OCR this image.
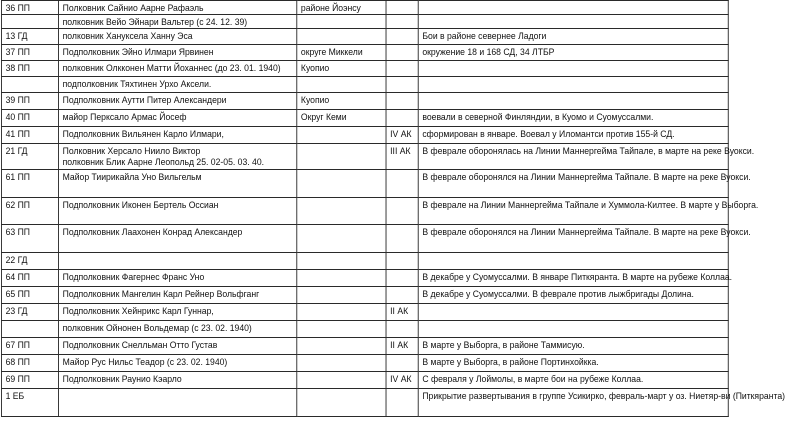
36 ПП	Полковник Сайнио Аарне Рафаэль	районе Йоэнсу		
	полковник Вейо Эйнари Вальтер (с 24. 12. 39)			
13 ГД	полковник Ханукселa Ханну Эса			Бои в районе севернее Ладоги
37 ПП	Подполковник Эйно Илмари Ярвинен	округе Миккели		окружение 18 и 168 СД, 34 ЛТБР
38 ПП	полковник Олкконен Матти Йоханнес (до 23. 01. 1940)	Куопио		
	подполковник Тяхтинен Урхо Аксели.			
39 ПП	Подполковник Аутти Питер Александери	Куопио		
40 ПП	майор Перксало Армас Йосеф	Округ Кеми		воевали в северной Финляндии, в Куомо и Суомуссалми.
41 ПП	Подполковник Вильянен Карло Илмари,		IV АК	сформирован в январе. Воевал у Иломантси против 155-й СД.
21 ГД	Полковник Херсало Ниило Виктор
полковник Блик Аарне Леопольд 25. 02-05. 03. 40.		III АК	В феврале оборонялась на Линии Маннергейма Тайпале, в марте на реке Вуокси.
61 ПП	Майор Тиирикайла Уно Вильгельм			В феврале оборонялся на Линии Маннергейма Тайпале. В марте на реке Вуокси.
62 ПП	Подполковник Иконен Бертель Оссиан			В феврале на Линии Маннергейма Тайпале и Хуммола-Килтее. В марте у Выборга.
63 ПП	Подполковник Лаахонен Конрад Александер			В феврале оборонялся на Линии Маннергейма Тайпале. В марте на реке Вуокси.
22 ГД				
64 ПП	Подполковник Фагернес Франс Уно			В декабре у Суомуссалми. В январе Питкяранта. В марте на рубеже Коллаа.
65 ПП	Подполковник Мангелин Карл Рейнер Вольфганг			В декабре у Суомуссалми. В феврале против лыжбригады Долина.
23 ГД	Подполковник Хейнрикс Карл Гуннар,		II АК	
	полковник Ойнонен Вольдемар (с 23. 02. 1940)			
67 ПП	Подполковник Снелльман Отто Густав		II АК	В марте у Выборга, в районе Таммисую.
68 ПП	Майор Рус Нильс Теадор (с 23. 02. 1940)			В марте у Выборга, в районе Портинхойкка.
69 ПП	Подполковник Раунио Кэарло		IV АК	С февраля у Лоймолы, в марте бои на рубеже Коллаа.
1 ЕБ				Прикрытие развертывания в группе Усикирко, февраль-март у оз. Ниетяр-ви (Питкяранта)
